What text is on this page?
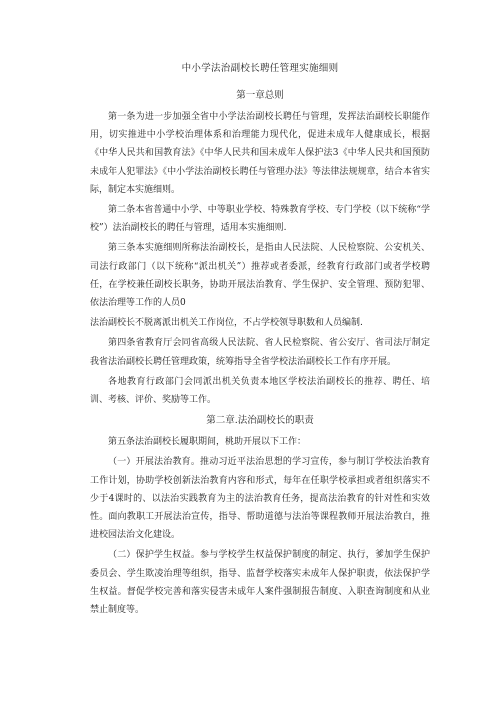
中小学法治副校长聘任管理实施细则
第一章总则

第一条为进一步加强全省中小学法治副校长聘任与管理，发挥法治副校长职能作用，切实推进中小学校治理体系和治理能力现代化，促进未成年人健康成长，根据《中华人民共和国教育法》《中华人民共和国未成年人保护法3《中华人民共和国预防未成年人犯罪法》《中小学法治副校长聘任与管理办法》等法律法规规章，结合本省实际，制定本实施细则。

第二条本省普通中小学、中等职业学校、特殊教育学校、专门学校（以下统称“学校”）法治副校长的聘任与管理，适用本实施细则.

第三条本实施细则所称法治副校长，是指由人民法院、人民检察院、公安机关、司法行政部门（以下统称“派出机关”）推荐或者委派，经教育行政部门或者学校聘任，在学校兼任副校长职务，协助开展法治教育、学生保护、安全管理、预防犯罪、依法治理等工作的人员0

法治副校长不脱离派出机关工作岗位，不占学校领导职数和人员编制.

第四条省教育厅会同省高级人民法院、省人民检察院、省公安厅、省司法厅制定我省法治副校长聘任管理政策，统筹指导全省学校法治副校长工作有序开展。

各地教育行政部门会同派出机关负责本地区学校法治副校长的推荐、聘任、培训、考核、评价、奖励等工作。

第二章.法治副校长的职责

第五条法治副校长履职期间，桃助开展以下工作：

（一）开展法治教育。推动习近平法治思想的学习宣传，参与制订学校法治教育工作计划，协助学校创新法治教育内容和形式，每年在任职学校承担或者组织落实不少于4课时的、以法治实践教育为主的法治教育任务，提高法治教育的针对性和实效性。面向教职工开展法治宣传，指导、帮助道德与法治等课程教师开展法治教白，推进校园法治文化建设。

（二）保护学生权益。参与学校学生权益保护制度的制定、执行，爹加学生保护委员会、学生欺凌治理等组织，指导、监督学校落实未成年人保护职责，依法保护学生权益。督促学校完善和落实侵害未成年人案件强制报告制度、入职查询制度和从业禁止制度等。
